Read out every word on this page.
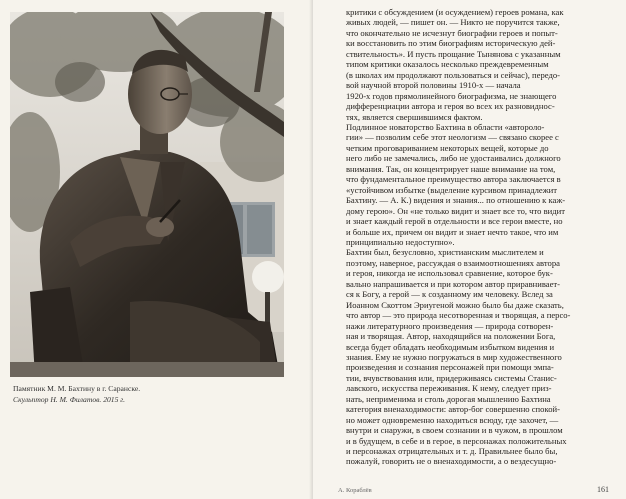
Памятник М. М. Бахтину в г. Саранске.
Скульптор Н. М. Филатов. 2015 г.
критики с обсуждением (и осуждением) героев романа, как
живых людей, — пишет он. — Никто не поручится также,
что окончательно не исчезнут биографии героев и попыт-
ки восстановить по этим биографиям историческую дей-
ствительность». И пусть прощание Тынянова с указанным
типом критики оказалось несколько преждевременным
(в школах им продолжают пользоваться и сейчас), передо-
вой научной второй половины 1910-х — начала
1920-х годов прямолинейного биографизма, не знающего
дифференциации автора и героя во всех их разновиднос-
тях, является свершившимся фактом.
Подлинное новаторство Бахтина в области «авторолo-
гии» — позволим себе этот неологизм — связано скорее с
четким проговариванием некоторых вещей, которые до
него либо не замечались, либо не удостаивались должного
внимания. Так, он концентрирует наше внимание на том,
что фундаментальное преимущество автора заключается в
«устойчивом избытке (выделение курсивом принадлежит
Бахтину. — А. К.) видения и знания... по отношению к каж-
дому герою». Он «не только видит и знает все то, что видит
и знает каждый герой в отдельности и все герои вместе, но
и больше их, причем он видит и знает нечто такое, что им
принципиально недоступно».
Бахтин был, безусловно, христианским мыслителем и
поэтому, наверное, рассуждая о взаимоотношениях автора
и героя, никогда не использовал сравнение, которое бук-
вально напрашивается и при котором автор приравнивает-
ся к Богу, а герой — к созданному им человеку. Вслед за
Иоанном Скоттом Эриугеной можно было бы даже сказать,
что автор — это природа несотворенная и творящая, а персо-
нажи литературного произведения — природа сотворен-
ная и творящая. Автор, находящийся на положении Бога,
всегда будет обладать необходимым избытком видения и
знания. Ему не нужно погружаться в мир художественного
произведения и сознания персонажей при помощи эмпа-
тии, вчувствования или, придерживаясь системы Станис-
лавского, искусства переживания. К нему, следует приз-
нать, неприменима и столь дорогая мышлению Бахтина
категория вненаходимости: автор-бог совершенно спокой-
но может одновременно находиться всюду, где захочет, —
внутри и снаружи, в своем сознании и в чужом, в прошлом
и в будущем, в себе и в герое, в персонажах положительных
и персонажах отрицательных и т. д. Правильнее было бы,
пожалуй, говорить не о вненаходимости, а о вездесущно-
А. Кораблёв	161
